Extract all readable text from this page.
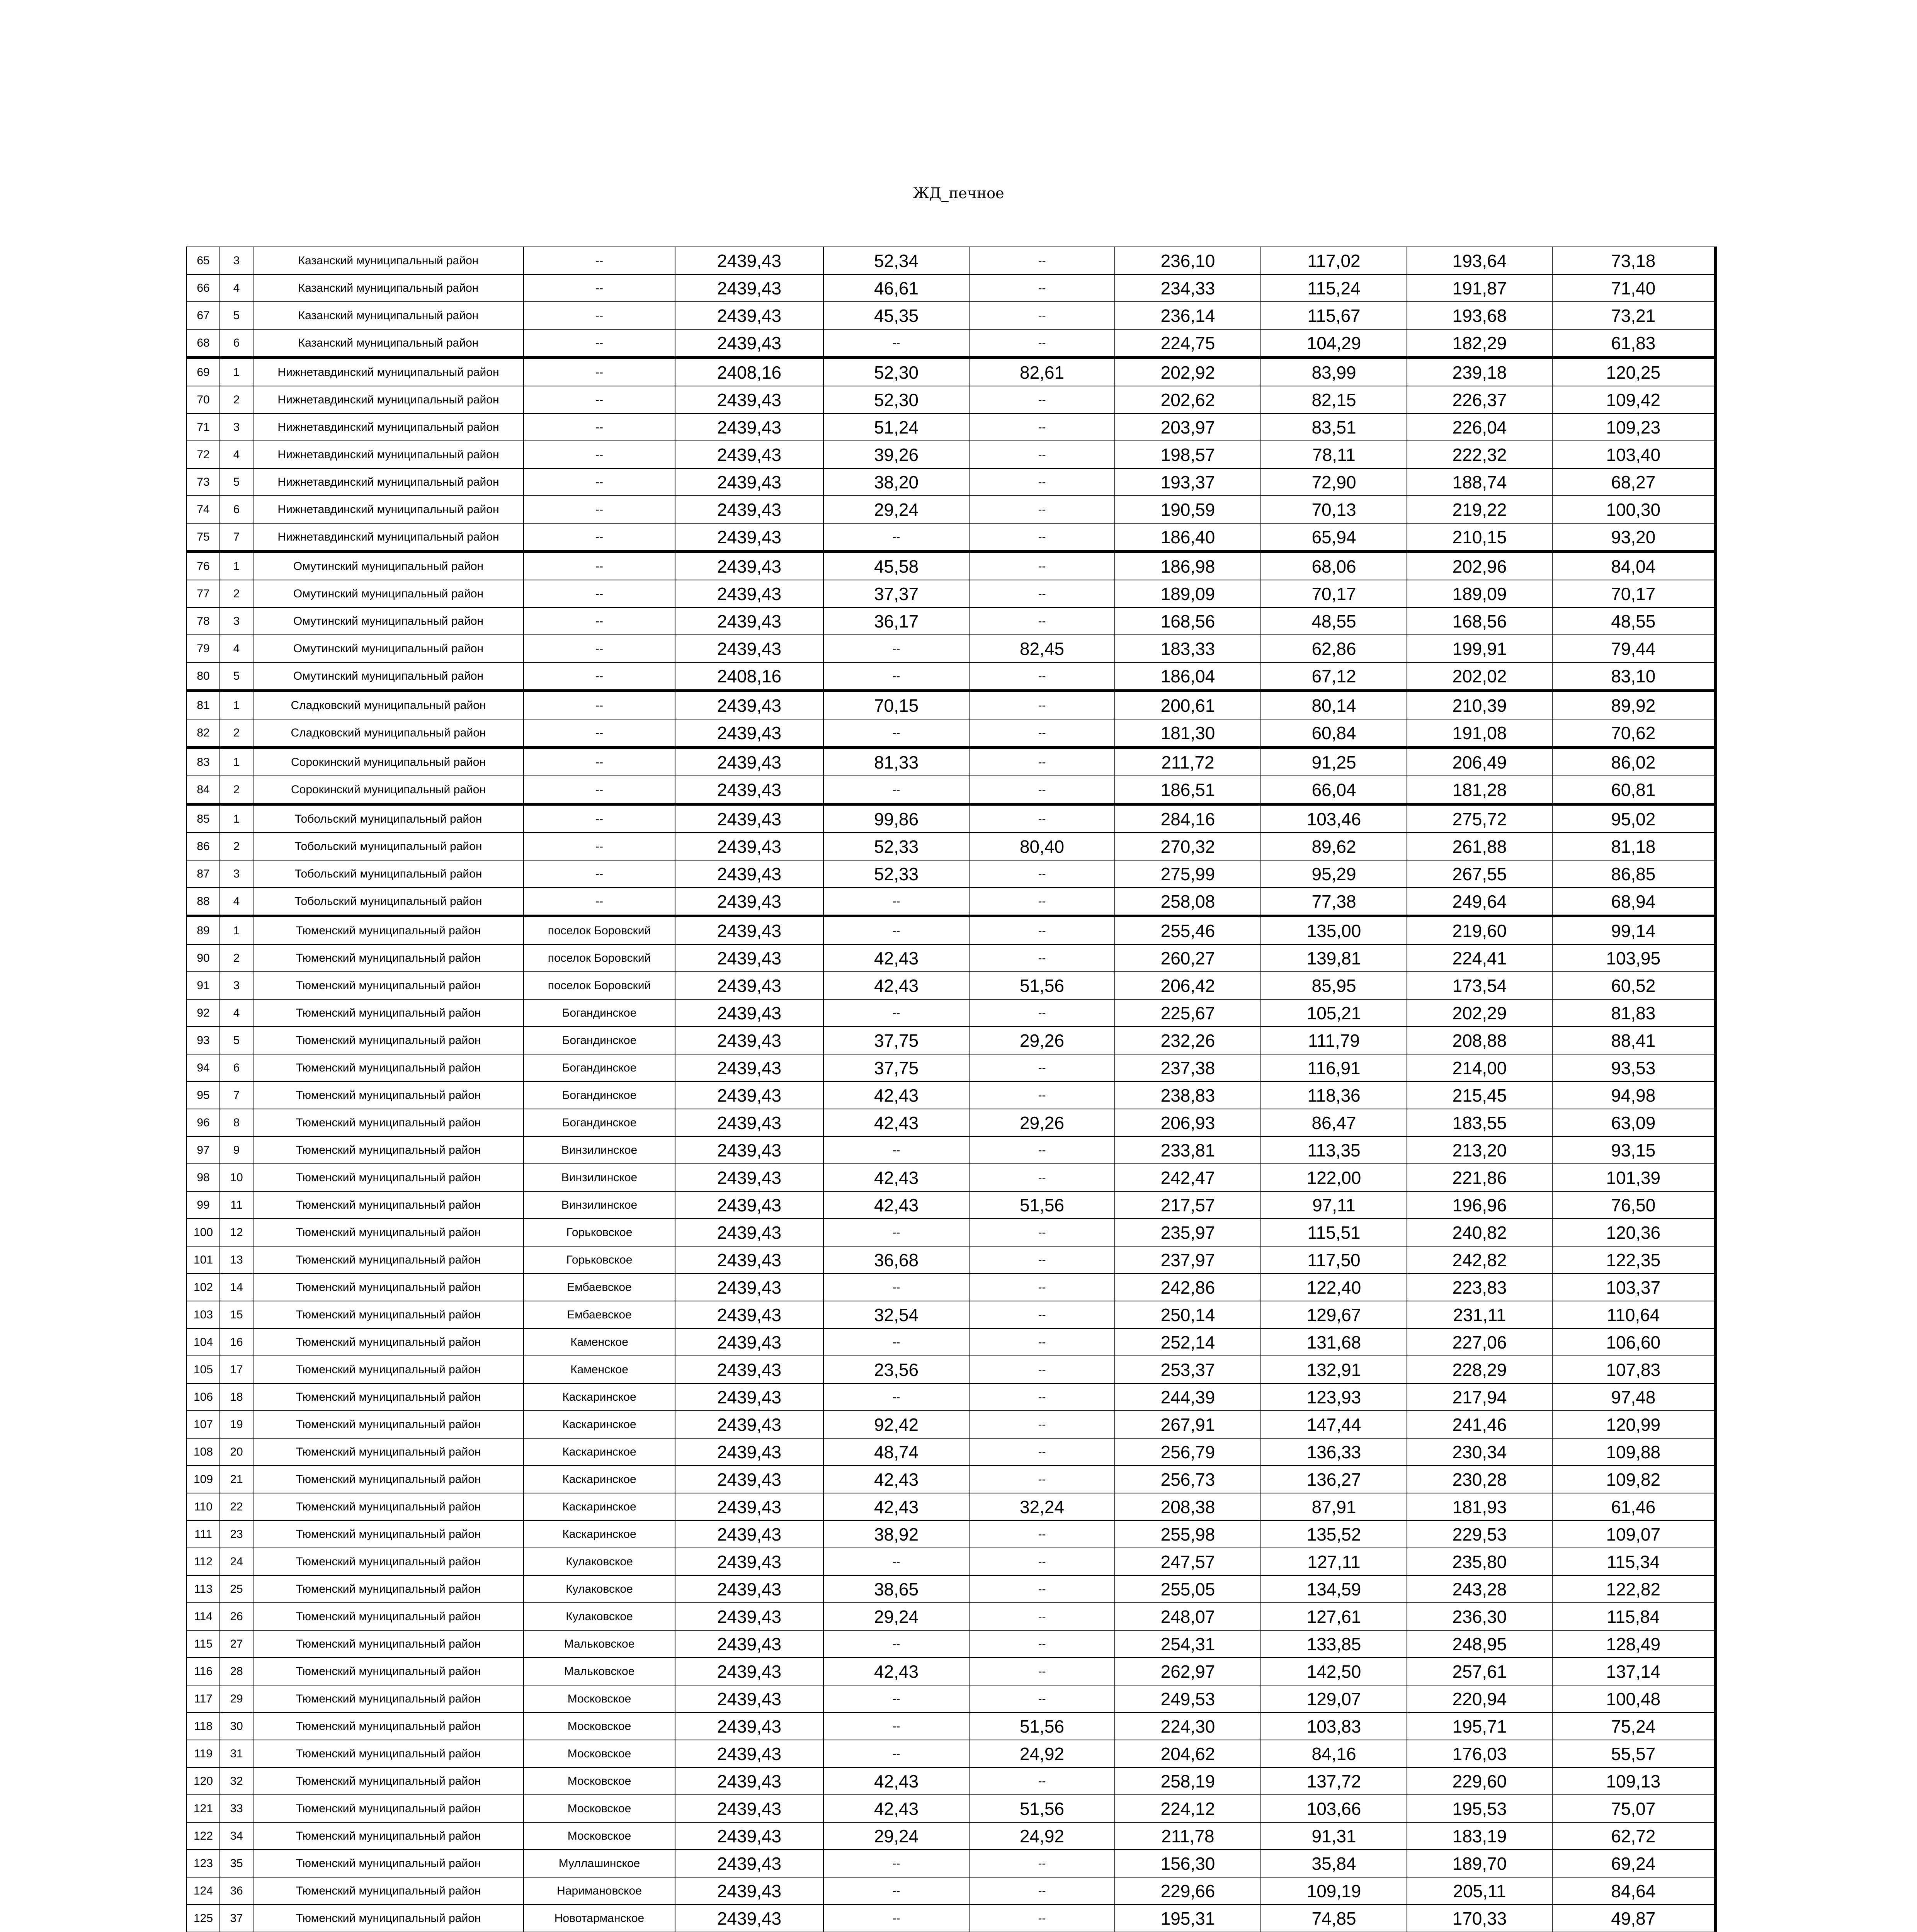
ЖД_печное
65	3	Казанский муниципальный район	--	2439,43	52,34	--	236,10	117,02	193,64	73,18
66	4	Казанский муниципальный район	--	2439,43	46,61	--	234,33	115,24	191,87	71,40
67	5	Казанский муниципальный район	--	2439,43	45,35	--	236,14	115,67	193,68	73,21
68	6	Казанский муниципальный район	--	2439,43	--	--	224,75	104,29	182,29	61,83
69	1	Нижнетавдинский муниципальный район	--	2408,16	52,30	82,61	202,92	83,99	239,18	120,25
70	2	Нижнетавдинский муниципальный район	--	2439,43	52,30	--	202,62	82,15	226,37	109,42
71	3	Нижнетавдинский муниципальный район	--	2439,43	51,24	--	203,97	83,51	226,04	109,23
72	4	Нижнетавдинский муниципальный район	--	2439,43	39,26	--	198,57	78,11	222,32	103,40
73	5	Нижнетавдинский муниципальный район	--	2439,43	38,20	--	193,37	72,90	188,74	68,27
74	6	Нижнетавдинский муниципальный район	--	2439,43	29,24	--	190,59	70,13	219,22	100,30
75	7	Нижнетавдинский муниципальный район	--	2439,43	--	--	186,40	65,94	210,15	93,20
76	1	Омутинский муниципальный район	--	2439,43	45,58	--	186,98	68,06	202,96	84,04
77	2	Омутинский муниципальный район	--	2439,43	37,37	--	189,09	70,17	189,09	70,17
78	3	Омутинский муниципальный район	--	2439,43	36,17	--	168,56	48,55	168,56	48,55
79	4	Омутинский муниципальный район	--	2439,43	--	82,45	183,33	62,86	199,91	79,44
80	5	Омутинский муниципальный район	--	2408,16	--	--	186,04	67,12	202,02	83,10
81	1	Сладковский муниципальный район	--	2439,43	70,15	--	200,61	80,14	210,39	89,92
82	2	Сладковский муниципальный район	--	2439,43	--	--	181,30	60,84	191,08	70,62
83	1	Сорокинский муниципальный район	--	2439,43	81,33	--	211,72	91,25	206,49	86,02
84	2	Сорокинский муниципальный район	--	2439,43	--	--	186,51	66,04	181,28	60,81
85	1	Тобольский муниципальный район	--	2439,43	99,86	--	284,16	103,46	275,72	95,02
86	2	Тобольский муниципальный район	--	2439,43	52,33	80,40	270,32	89,62	261,88	81,18
87	3	Тобольский муниципальный район	--	2439,43	52,33	--	275,99	95,29	267,55	86,85
88	4	Тобольский муниципальный район	--	2439,43	--	--	258,08	77,38	249,64	68,94
89	1	Тюменский муниципальный район	поселок Боровский	2439,43	--	--	255,46	135,00	219,60	99,14
90	2	Тюменский муниципальный район	поселок Боровский	2439,43	42,43	--	260,27	139,81	224,41	103,95
91	3	Тюменский муниципальный район	поселок Боровский	2439,43	42,43	51,56	206,42	85,95	173,54	60,52
92	4	Тюменский муниципальный район	Богандинское	2439,43	--	--	225,67	105,21	202,29	81,83
93	5	Тюменский муниципальный район	Богандинское	2439,43	37,75	29,26	232,26	111,79	208,88	88,41
94	6	Тюменский муниципальный район	Богандинское	2439,43	37,75	--	237,38	116,91	214,00	93,53
95	7	Тюменский муниципальный район	Богандинское	2439,43	42,43	--	238,83	118,36	215,45	94,98
96	8	Тюменский муниципальный район	Богандинское	2439,43	42,43	29,26	206,93	86,47	183,55	63,09
97	9	Тюменский муниципальный район	Винзилинское	2439,43	--	--	233,81	113,35	213,20	93,15
98	10	Тюменский муниципальный район	Винзилинское	2439,43	42,43	--	242,47	122,00	221,86	101,39
99	11	Тюменский муниципальный район	Винзилинское	2439,43	42,43	51,56	217,57	97,11	196,96	76,50
100	12	Тюменский муниципальный район	Горьковское	2439,43	--	--	235,97	115,51	240,82	120,36
101	13	Тюменский муниципальный район	Горьковское	2439,43	36,68	--	237,97	117,50	242,82	122,35
102	14	Тюменский муниципальный район	Ембаевское	2439,43	--	--	242,86	122,40	223,83	103,37
103	15	Тюменский муниципальный район	Ембаевское	2439,43	32,54	--	250,14	129,67	231,11	110,64
104	16	Тюменский муниципальный район	Каменское	2439,43	--	--	252,14	131,68	227,06	106,60
105	17	Тюменский муниципальный район	Каменское	2439,43	23,56	--	253,37	132,91	228,29	107,83
106	18	Тюменский муниципальный район	Каскаринское	2439,43	--	--	244,39	123,93	217,94	97,48
107	19	Тюменский муниципальный район	Каскаринское	2439,43	92,42	--	267,91	147,44	241,46	120,99
108	20	Тюменский муниципальный район	Каскаринское	2439,43	48,74	--	256,79	136,33	230,34	109,88
109	21	Тюменский муниципальный район	Каскаринское	2439,43	42,43	--	256,73	136,27	230,28	109,82
110	22	Тюменский муниципальный район	Каскаринское	2439,43	42,43	32,24	208,38	87,91	181,93	61,46
111	23	Тюменский муниципальный район	Каскаринское	2439,43	38,92	--	255,98	135,52	229,53	109,07
112	24	Тюменский муниципальный район	Кулаковское	2439,43	--	--	247,57	127,11	235,80	115,34
113	25	Тюменский муниципальный район	Кулаковское	2439,43	38,65	--	255,05	134,59	243,28	122,82
114	26	Тюменский муниципальный район	Кулаковское	2439,43	29,24	--	248,07	127,61	236,30	115,84
115	27	Тюменский муниципальный район	Мальковское	2439,43	--	--	254,31	133,85	248,95	128,49
116	28	Тюменский муниципальный район	Мальковское	2439,43	42,43	--	262,97	142,50	257,61	137,14
117	29	Тюменский муниципальный район	Московское	2439,43	--	--	249,53	129,07	220,94	100,48
118	30	Тюменский муниципальный район	Московское	2439,43	--	51,56	224,30	103,83	195,71	75,24
119	31	Тюменский муниципальный район	Московское	2439,43	--	24,92	204,62	84,16	176,03	55,57
120	32	Тюменский муниципальный район	Московское	2439,43	42,43	--	258,19	137,72	229,60	109,13
121	33	Тюменский муниципальный район	Московское	2439,43	42,43	51,56	224,12	103,66	195,53	75,07
122	34	Тюменский муниципальный район	Московское	2439,43	29,24	24,92	211,78	91,31	183,19	62,72
123	35	Тюменский муниципальный район	Муллашинское	2439,43	--	--	156,30	35,84	189,70	69,24
124	36	Тюменский муниципальный район	Наримановское	2439,43	--	--	229,66	109,19	205,11	84,64
125	37	Тюменский муниципальный район	Новотарманское	2439,43	--	--	195,31	74,85	170,33	49,87
